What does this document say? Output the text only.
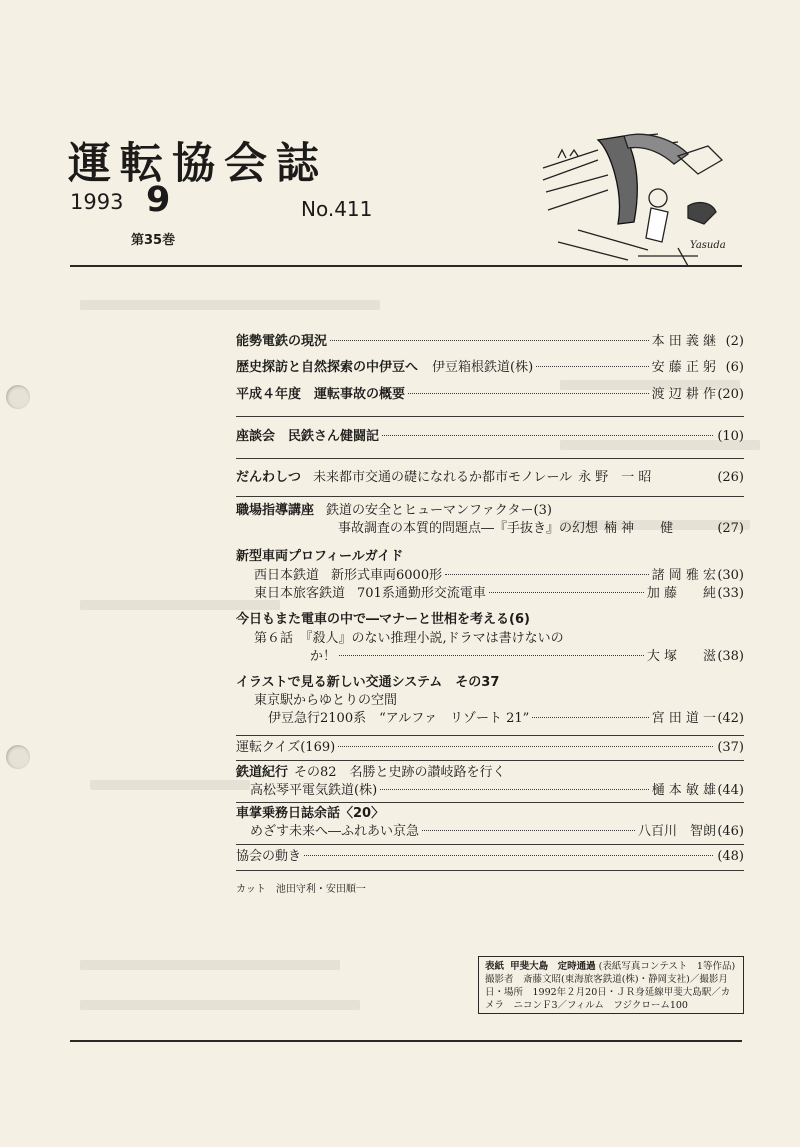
運転協会誌
1993 9
第35巻
No.411
Yasuda
能勢電鉄の現況	本 田 義 継 (2)
歴史探訪と自然探索の中伊豆へ 伊豆箱根鉄道(株)	安 藤 正 躬 (6)
平成４年度　運転事故の概要	渡 辺 耕 作 (20)
座談会　民鉄さん健闘記	(10)
だんわしつ 未来都市交通の礎になれるか都市モノレール 永 野　一 昭	(26)
職場指導講座 鉄道の安全とヒューマンファクター(3)
事故調査の本質的問題点―『手抜き』の幻想 楠 神　　健	(27)
新型車両プロフィールガイド
西日本鉄道 新形式車両6000形	諸 岡 雅 宏 (30)
東日本旅客鉄道 701系通勤形交流電車	加 藤　　純 (33)
今日もまた電車の中で―マナーと世相を考える(6)
第６話　『殺人』のない推理小説,ドラマは書けないの
か！	大 塚　　滋 (38)
イラストで見る新しい交通システム　その37
東京駅からゆとりの空間
伊豆急行2100系　“アルファ　リゾート 21”	宮 田 道 一 (42)
運転クイズ(169)	(37)
鉄道紀行 その82　名勝と史跡の讃岐路を行く
高松琴平電気鉄道(株)	樋 本 敏 雄 (44)
車掌乗務日誌余話〈20〉
めざす未来へ―ふれあい京急	八百川　智朗 (46)
協会の動き	(48)
カット　池田守利・安田順一
表紙 甲斐大島　定時通過 (表紙写真コンテスト　1等作品)
撮影者　斎藤文昭(東海旅客鉄道(株)・静岡支社)／撮影月
日・場所　1992年２月20日・ＪＲ身延線甲斐大島駅／カ
メラ　ニコンＦ3／フィルム　フジクローム100
